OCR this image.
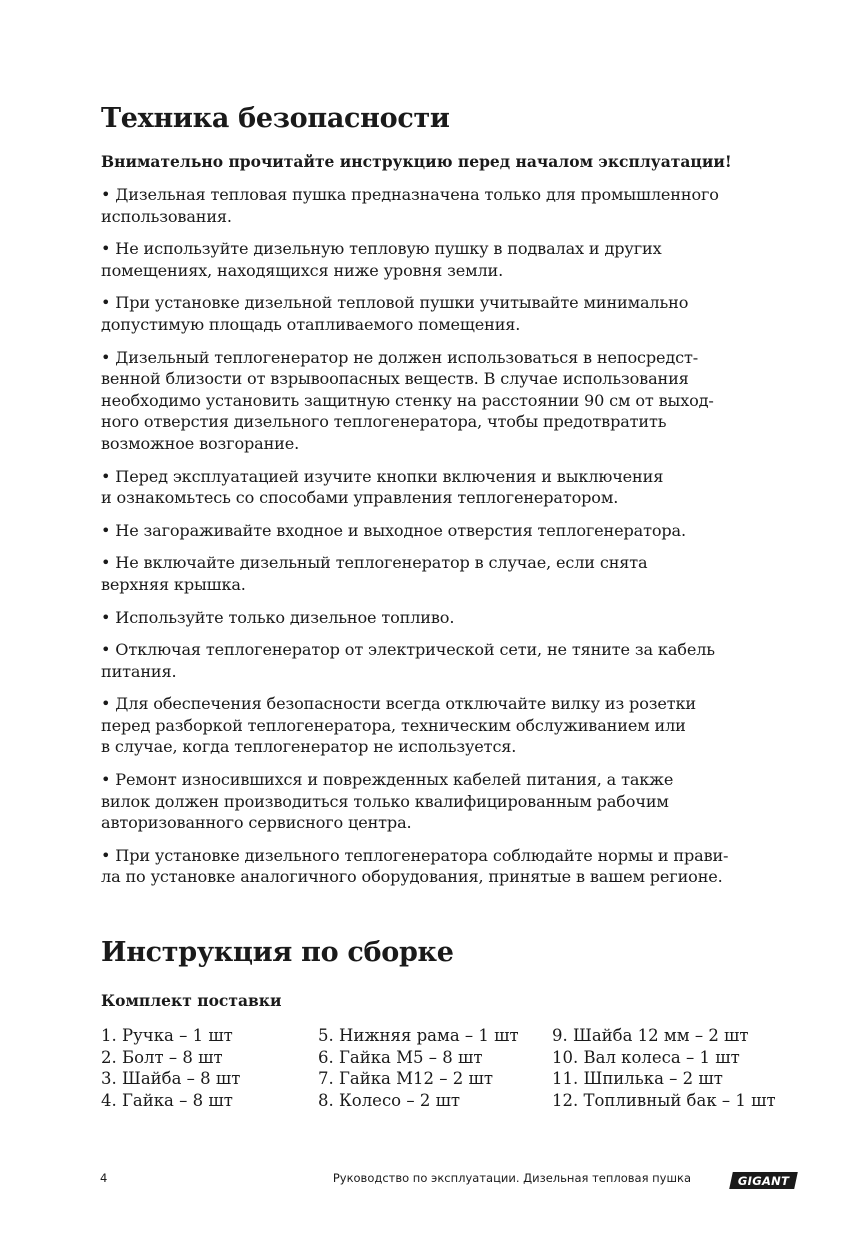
Техника безопасности

Внимательно прочитайте инструкцию перед началом эксплуатации!

• Дизельная тепловая пушка предназначена только для промышленного
использования.
• Не используйте дизельную тепловую пушку в подвалах и других
помещениях, находящихся ниже уровня земли.
• При установке дизельной тепловой пушки учитывайте минимально
допустимую площадь отапливаемого помещения.
• Дизельный теплогенератор не должен использоваться в непосредст-
венной близости от взрывоопасных веществ. В случае использования
необходимо установить защитную стенку на расстоянии 90 см от выход-
ного отверстия дизельного теплогенератора, чтобы предотвратить
возможное возгорание.
• Перед эксплуатацией изучите кнопки включения и выключения
и ознакомьтесь со способами управления теплогенератором.
• Не загораживайте входное и выходное отверстия теплогенератора.
• Не включайте дизельный теплогенератор в случае, если снята
верхняя крышка.
• Используйте только дизельное топливо.
• Отключая теплогенератор от электрической сети, не тяните за кабель
питания.
• Для обеспечения безопасности всегда отключайте вилку из розетки
перед разборкой теплогенератора, техническим обслуживанием или
в случае, когда теплогенератор не используется.
• Ремонт износившихся и поврежденных кабелей питания, а также
вилок должен производиться только квалифицированным рабочим
авторизованного сервисного центра.
• При установке дизельного теплогенератора соблюдайте нормы и прави-
ла по установке аналогичного оборудования, принятые в вашем регионе.
Инструкция по сборке

Комплект поставки

1. Ручка – 1 шт
2. Болт – 8 шт
3. Шайба – 8 шт
4. Гайка – 8 шт
5. Нижняя рама – 1 шт
6. Гайка М5 – 8 шт
7. Гайка М12 – 2 шт
8. Колесо – 2 шт
9. Шайба 12 мм – 2 шт
10. Вал колеса – 1 шт
11. Шпилька – 2 шт
12. Топливный бак – 1 шт
4	Руководство по эксплуатации. Дизельная тепловая пушка	GIGANT
